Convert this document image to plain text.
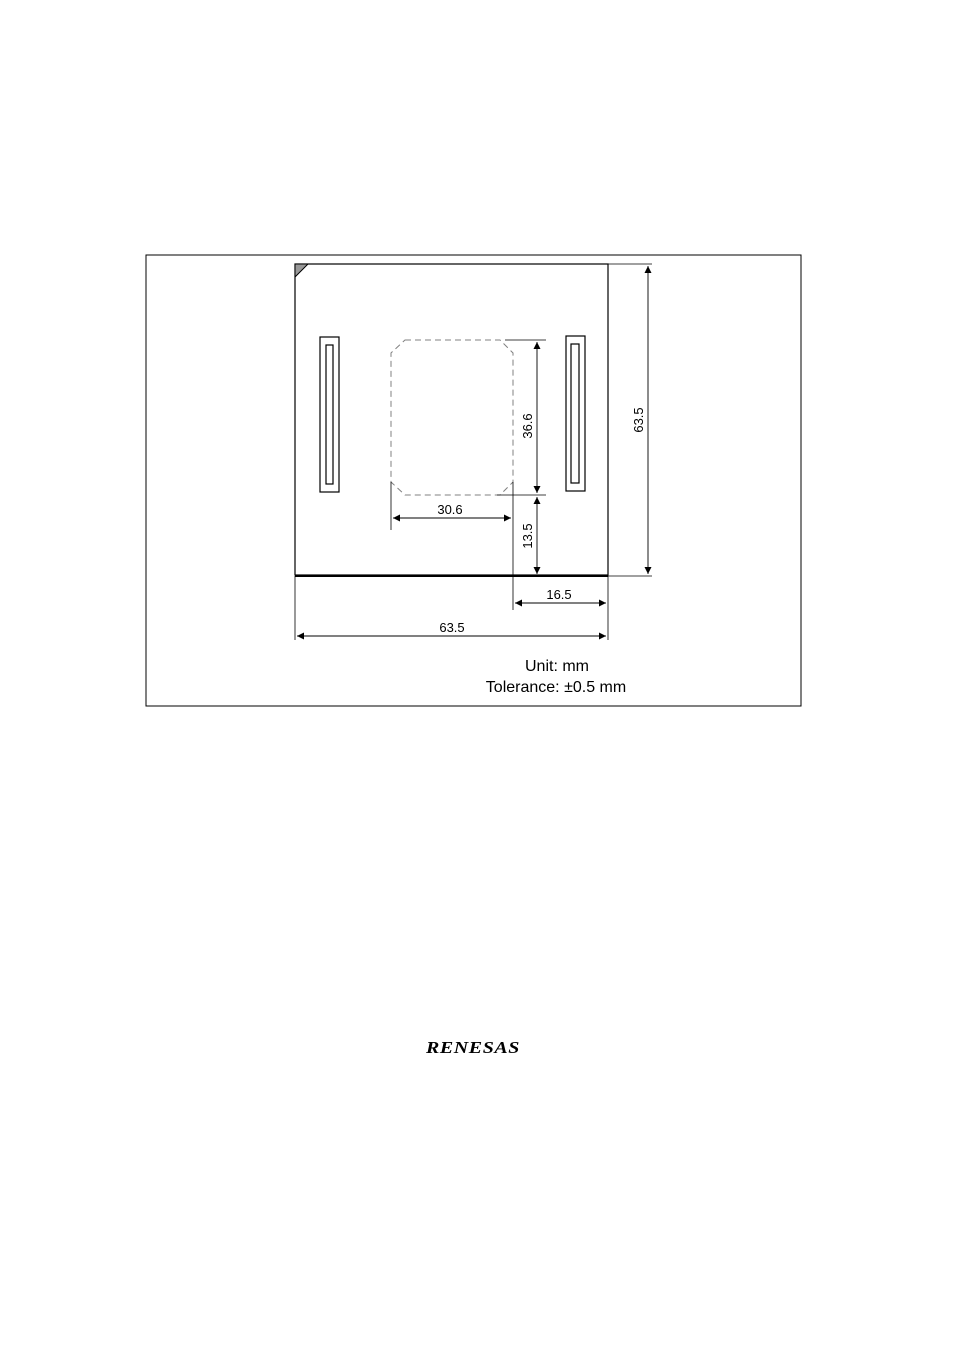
36.6
30.6
13.5
16.5
63.5
63.5
Unit: mm
Tolerance: ±0.5 mm
RENESAS
